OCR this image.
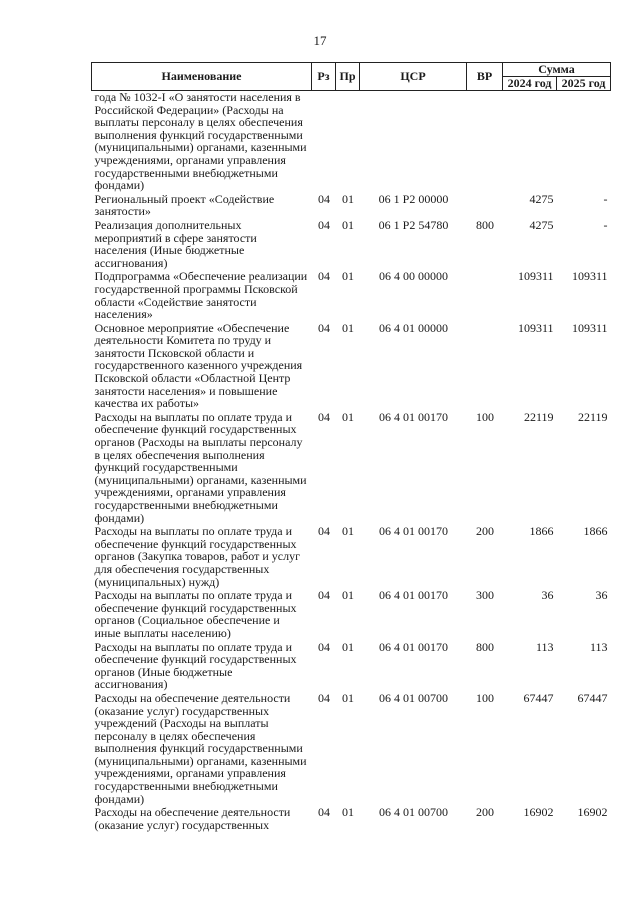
17
Наименование	Рз	Пр	ЦСР	ВР	Сумма	
					2024 год	2025 год
года № 1032-I «О занятости населения в Российской Федерации» (Расходы на выплаты персоналу в целях обеспечения выполнения функций государственными (муниципальными) органами, казенными учреждениями, органами управления государственными внебюджетными фондами)						
Региональный проект «Содействие занятости»	04	01	06 1 Р2 00000		4275	-
Реализация дополнительных мероприятий в сфере занятости населения (Иные бюджетные ассигнования)	04	01	06 1 Р2 54780	800	4275	-
Подпрограмма «Обеспечение реализации государственной программы Псковской области «Содействие занятости населения»	04	01	06 4 00 00000		109311	109311
Основное мероприятие «Обеспечение деятельности Комитета по труду и занятости Псковской области и государственного казенного учреждения Псковской области «Областной Центр занятости населения» и повышение качества их работы»	04	01	06 4 01 00000		109311	109311
Расходы на выплаты по оплате труда и обеспечение функций государственных органов (Расходы на выплаты персоналу в целях обеспечения выполнения функций государственными (муниципальными) органами, казенными учреждениями, органами управления государственными внебюджетными фондами)	04	01	06 4 01 00170	100	22119	22119
Расходы на выплаты по оплате труда и обеспечение функций государственных органов (Закупка товаров, работ и услуг для обеспечения государственных (муниципальных) нужд)	04	01	06 4 01 00170	200	1866	1866
Расходы на выплаты по оплате труда и обеспечение функций государственных органов (Социальное обеспечение и иные выплаты населению)	04	01	06 4 01 00170	300	36	36
Расходы на выплаты по оплате труда и обеспечение функций государственных органов (Иные бюджетные ассигнования)	04	01	06 4 01 00170	800	113	113
Расходы на обеспечение деятельности (оказание услуг) государственных учреждений (Расходы на выплаты персоналу в целях обеспечения выполнения функций государственными (муниципальными) органами, казенными учреждениями, органами управления государственными внебюджетными фондами)	04	01	06 4 01 00700	100	67447	67447
Расходы на обеспечение деятельности (оказание услуг) государственных	04	01	06 4 01 00700	200	16902	16902
